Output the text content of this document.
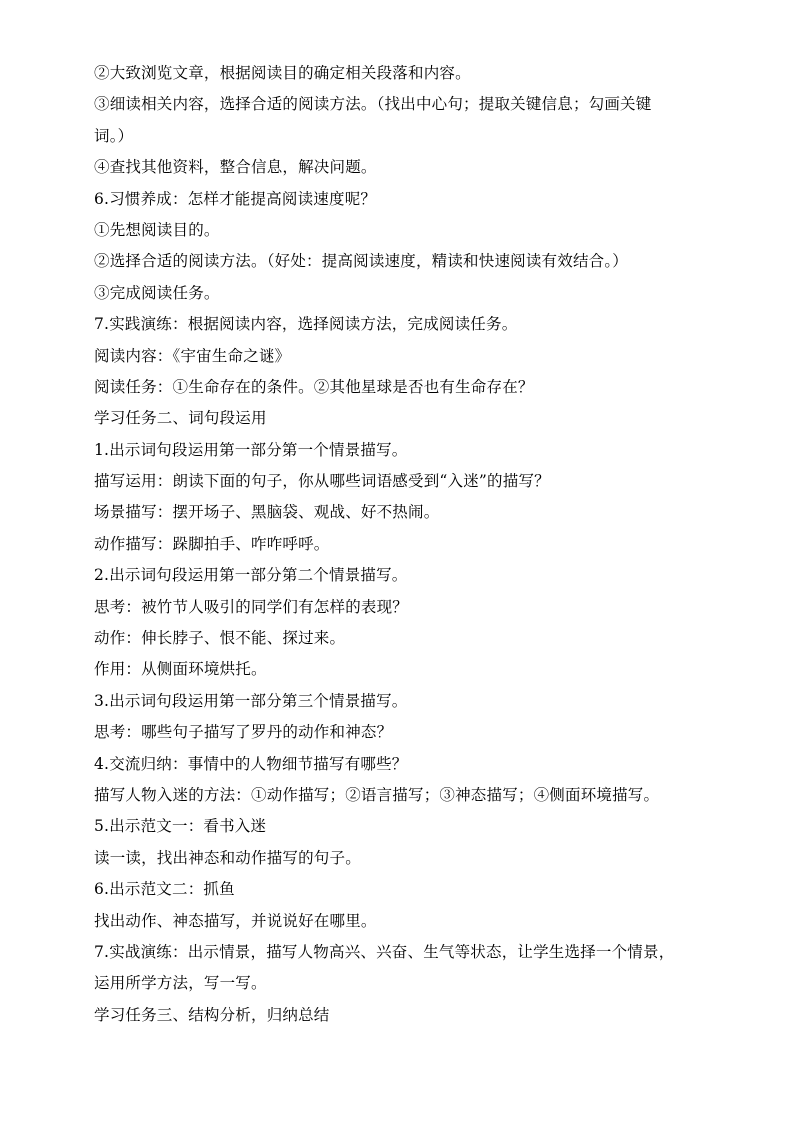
②大致浏览文章，根据阅读目的确定相关段落和内容。

③细读相关内容，选择合适的阅读方法。（找出中心句；提取关键信息；勾画关键

词。）

④查找其他资料，整合信息，解决问题。

6.习惯养成：怎样才能提高阅读速度呢？

①先想阅读目的。

②选择合适的阅读方法。（好处：提高阅读速度，精读和快速阅读有效结合。）

③完成阅读任务。

7.实践演练：根据阅读内容，选择阅读方法，完成阅读任务。

阅读内容：《宇宙生命之谜》

阅读任务：①生命存在的条件。②其他星球是否也有生命存在？

学习任务二、词句段运用

1.出示词句段运用第一部分第一个情景描写。

描写运用：朗读下面的句子，你从哪些词语感受到“入迷”的描写？

场景描写：摆开场子、黑脑袋、观战、好不热闹。

动作描写：跺脚拍手、咋咋呼呼。

2.出示词句段运用第一部分第二个情景描写。

思考：被竹节人吸引的同学们有怎样的表现？

动作：伸长脖子、恨不能、探过来。

作用：从侧面环境烘托。

3.出示词句段运用第一部分第三个情景描写。

思考：哪些句子描写了罗丹的动作和神态？

4.交流归纳：事情中的人物细节描写有哪些？

描写人物入迷的方法：①动作描写；②语言描写；③神态描写；④侧面环境描写。

5.出示范文一：看书入迷

读一读，找出神态和动作描写的句子。

6.出示范文二：抓鱼

找出动作、神态描写，并说说好在哪里。

7.实战演练：出示情景，描写人物高兴、兴奋、生气等状态，让学生选择一个情景，

运用所学方法，写一写。

学习任务三、结构分析，归纳总结
